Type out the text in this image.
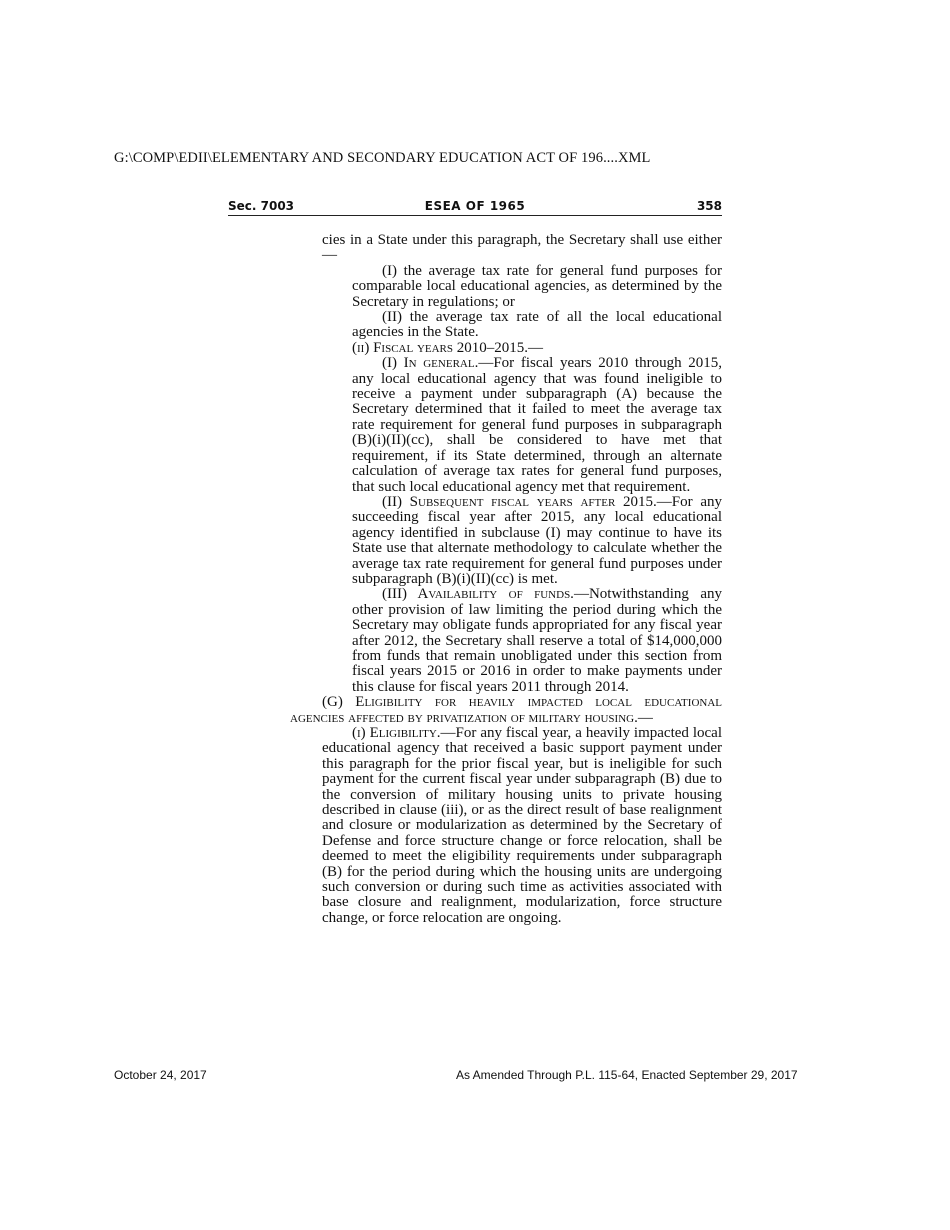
G:\COMP\EDII\ELEMENTARY AND SECONDARY EDUCATION ACT OF 196....XML
Sec. 7003	ESEA OF 1965	358

cies in a State under this paragraph, the Secretary shall use either—

(I) the average tax rate for general fund purposes for comparable local educational agencies, as determined by the Secretary in regulations; or

(II) the average tax rate of all the local educational agencies in the State.

(ii) Fiscal years 2010–2015.—

(I) In general.—For fiscal years 2010 through 2015, any local educational agency that was found ineligible to receive a payment under subparagraph (A) because the Secretary determined that it failed to meet the average tax rate requirement for general fund purposes in subparagraph (B)(i)(II)(cc), shall be considered to have met that requirement, if its State determined, through an alternate calculation of average tax rates for general fund purposes, that such local educational agency met that requirement.

(II) Subsequent fiscal years after 2015.—For any succeeding fiscal year after 2015, any local educational agency identified in subclause (I) may continue to have its State use that alternate methodology to calculate whether the average tax rate requirement for general fund purposes under subparagraph (B)(i)(II)(cc) is met.

(III) Availability of funds.—Notwithstanding any other provision of law limiting the period during which the Secretary may obligate funds appropriated for any fiscal year after 2012, the Secretary shall reserve a total of $14,000,000 from funds that remain unobligated under this section from fiscal years 2015 or 2016 in order to make payments under this clause for fiscal years 2011 through 2014.

(G) Eligibility for heavily impacted local educational agencies affected by privatization of military housing.—

(i) Eligibility.—For any fiscal year, a heavily impacted local educational agency that received a basic support payment under this paragraph for the prior fiscal year, but is ineligible for such payment for the current fiscal year under subparagraph (B) due to the conversion of military housing units to private housing described in clause (iii), or as the direct result of base realignment and closure or modularization as determined by the Secretary of Defense and force structure change or force relocation, shall be deemed to meet the eligibility requirements under subparagraph (B) for the period during which the housing units are undergoing such conversion or during such time as activities associated with base closure and realignment, modularization, force structure change, or force relocation are ongoing.

October 24, 2017	As Amended Through P.L. 115-64, Enacted September 29, 2017
